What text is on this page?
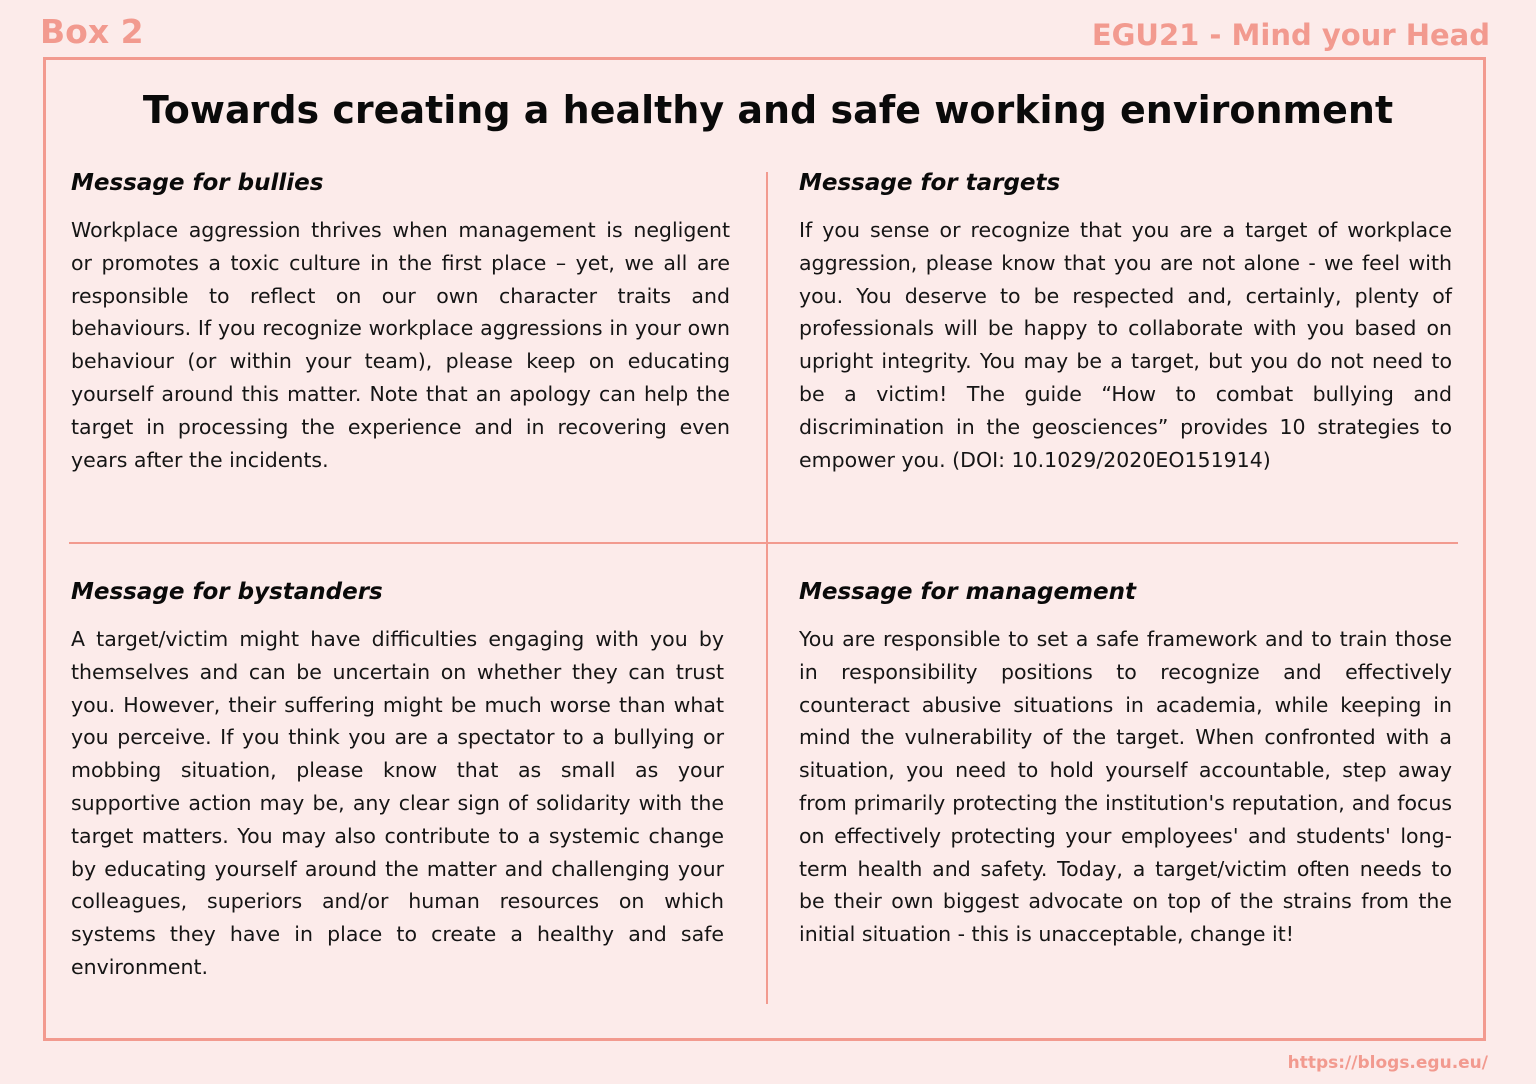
Box 2	EGU21 - Mind your Head
Towards creating a healthy and safe working environment
Message for bullies

Workplace aggression thrives when management is negligent or promotes a toxic culture in the first place – yet, we all are responsible to reflect on our own character traits and behaviours. If you recognize workplace aggressions in your own behaviour (or within your team), please keep on educating yourself around this matter. Note that an apology can help the target in processing the experience and in recovering even years after the incidents.

Message for targets

If you sense or recognize that you are a target of workplace aggression, please know that you are not alone - we feel with you. You deserve to be respected and, certainly, plenty of professionals will be happy to collaborate with you based on upright integrity. You may be a target, but you do not need to be a victim! The guide “How to combat bullying and discrimination in the geosciences” provides 10 strategies to empower you. (DOI: 10.1029/2020EO151914)

Message for bystanders

A target/victim might have difficulties engaging with you by themselves and can be uncertain on whether they can trust you. However, their suffering might be much worse than what you perceive. If you think you are a spectator to a bullying or mobbing situation, please know that as small as your supportive action may be, any clear sign of solidarity with the target matters. You may also contribute to a systemic change by educating yourself around the matter and challenging your colleagues, superiors and/or human resources on which systems they have in place to create a healthy and safe environment.

Message for management

You are responsible to set a safe framework and to train those in responsibility positions to recognize and effectively counteract abusive situations in academia, while keeping in mind the vulnerability of the target. When confronted with a situation, you need to hold yourself accountable, step away from primarily protecting the institution's reputation, and focus on effectively protecting your employees' and students' long-term health and safety. Today, a target/victim often needs to be their own biggest advocate on top of the strains from the initial situation - this is unacceptable, change it!

https://blogs.egu.eu/
